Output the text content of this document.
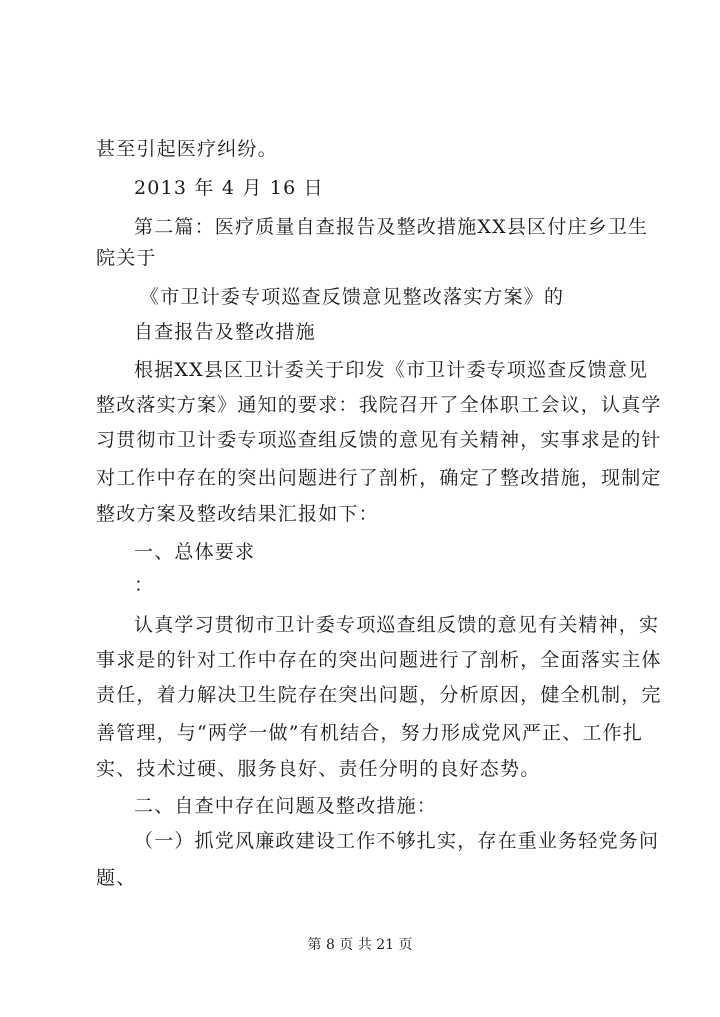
甚至引起医疗纠纷。
2013 年 4 月 16 日
第二篇：医疗质量自查报告及整改措施XX县区付庄乡卫生
院关于
《市卫计委专项巡查反馈意见整改落实方案》的
自查报告及整改措施
根据XX县区卫计委关于印发《市卫计委专项巡查反馈意见
整改落实方案》通知的要求：我院召开了全体职工会议，认真学
习贯彻市卫计委专项巡查组反馈的意见有关精神，实事求是的针
对工作中存在的突出问题进行了剖析，确定了整改措施，现制定
整改方案及整改结果汇报如下：
一、总体要求
：
认真学习贯彻市卫计委专项巡查组反馈的意见有关精神，实
事求是的针对工作中存在的突出问题进行了剖析，全面落实主体
责任，着力解决卫生院存在突出问题，分析原因，健全机制，完
善管理，与“两学一做”有机结合，努力形成党风严正、工作扎
实、技术过硬、服务良好、责任分明的良好态势。
二、自查中存在问题及整改措施：
（一）抓党风廉政建设工作不够扎实，存在重业务轻党务问
题、
第 8 页 共 21 页
